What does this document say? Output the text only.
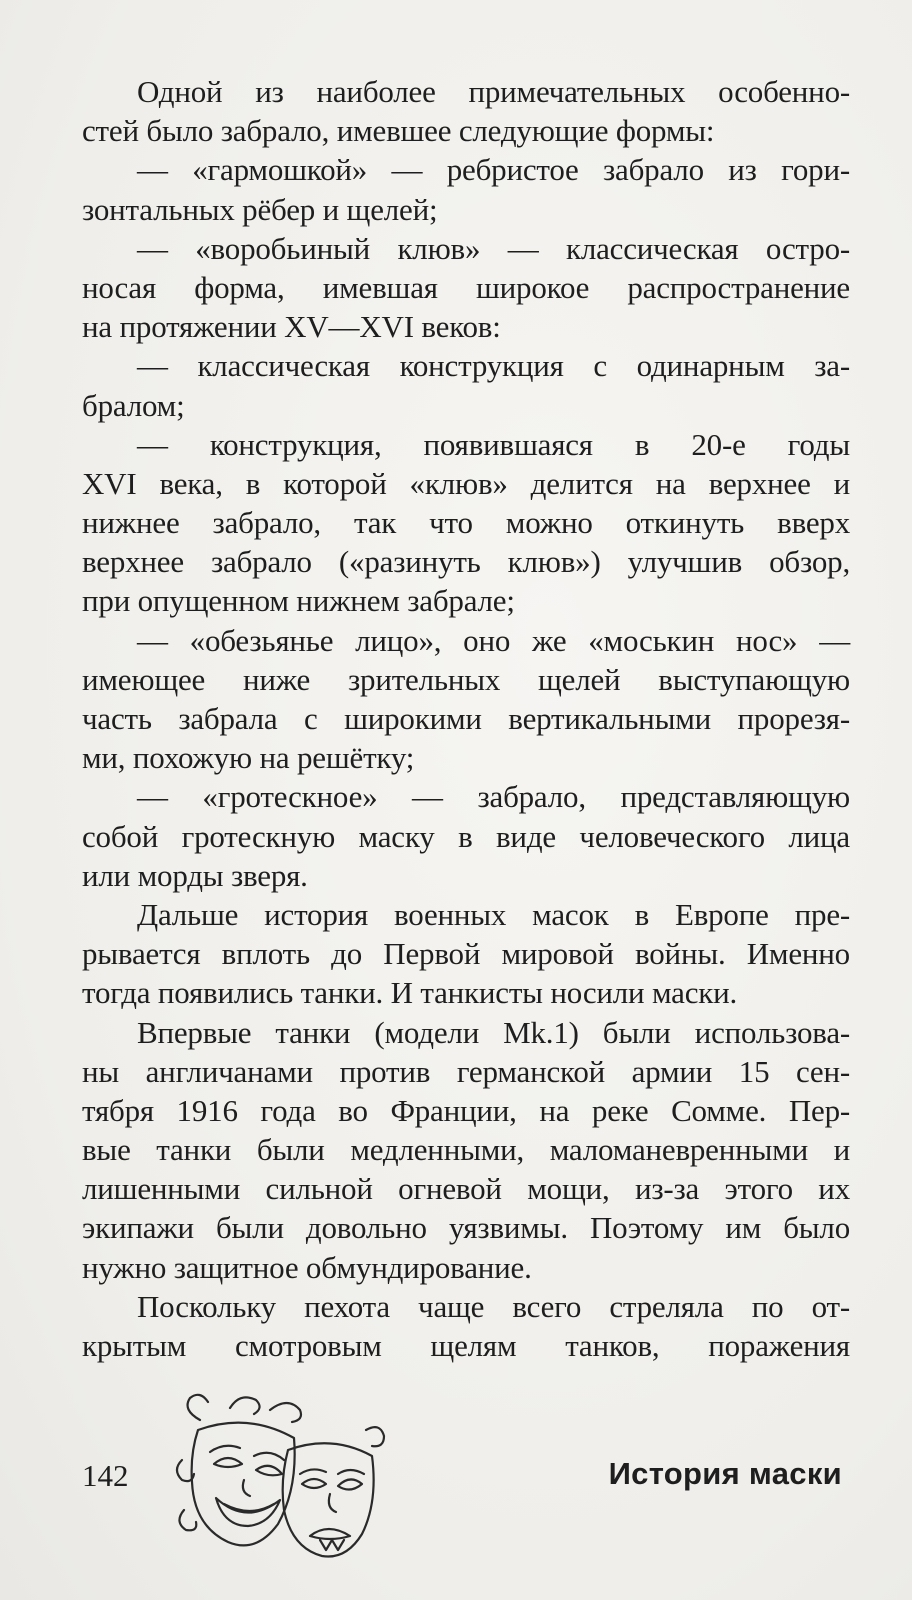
Одной из наиболее примечательных особенно-
стей было забрало, имевшее следующие формы:
— «гармошкой» — ребристое забрало из гори-
зонтальных рёбер и щелей;
— «воробьиный клюв» — классическая остро-
носая форма, имевшая широкое распространение
на протяжении XV—XVI веков:
— классическая конструкция с одинарным за-
бралом;
— конструкция, появившаяся в 20-е годы
XVI века, в которой «клюв» делится на верхнее и
нижнее забрало, так что можно откинуть вверх
верхнее забрало («разинуть клюв») улучшив обзор,
при опущенном нижнем забрале;
— «обезьянье лицо», оно же «моськин нос» —
имеющее ниже зрительных щелей выступающую
часть забрала с широкими вертикальными прорезя-
ми, похожую на решётку;
— «гротескное» — забрало, представляющую
собой гротескную маску в виде человеческого лица
или морды зверя.
Дальше история военных масок в Европе пре-
рывается вплоть до Первой мировой войны. Именно
тогда появились танки. И танкисты носили маски.
Впервые танки (модели Mk.1) были использова-
ны англичанами против германской армии 15 сен-
тября 1916 года во Франции, на реке Сомме. Пер-
вые танки были медленными, маломаневренными и
лишенными сильной огневой мощи, из-за этого их
экипажи были довольно уязвимы. Поэтому им было
нужно защитное обмундирование.
Поскольку пехота чаще всего стреляла по от-
крытым смотровым щелям танков, поражения
142	История маски
